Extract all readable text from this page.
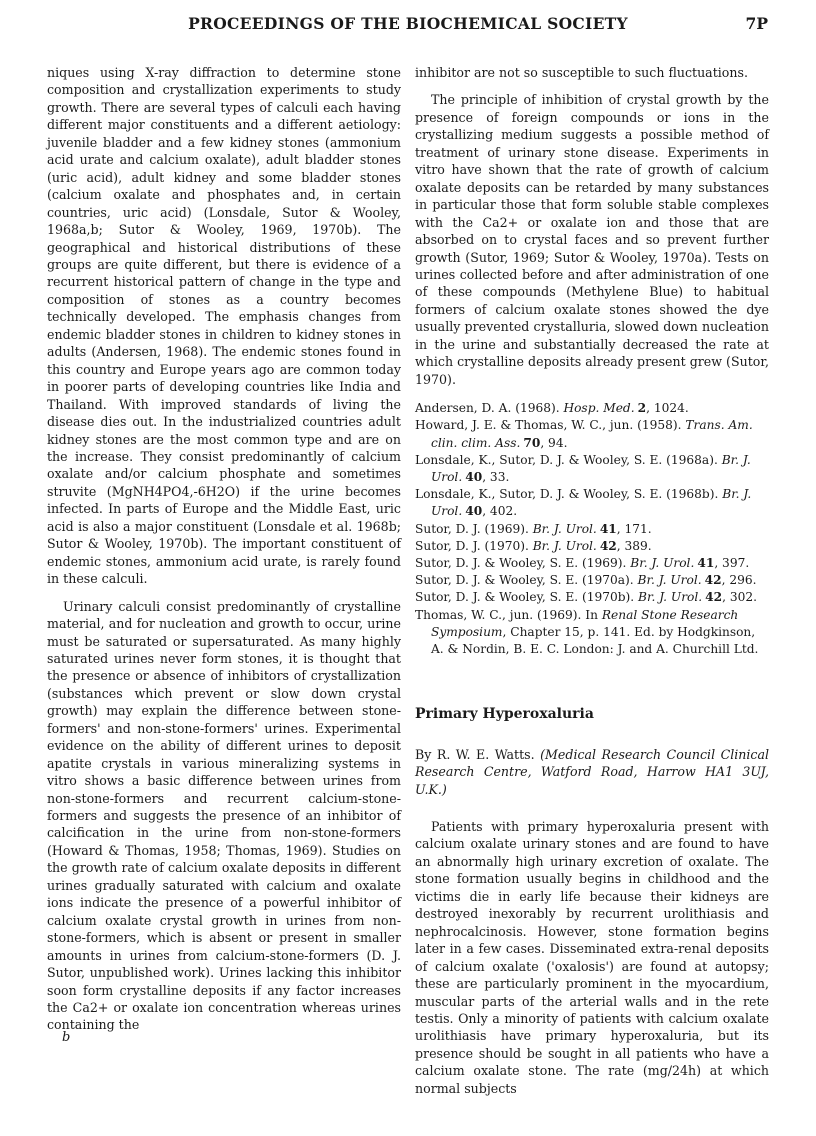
PROCEEDINGS OF THE BIOCHEMICAL SOCIETY	7P

niques using X-ray diffraction to determine stone composition and crystallization experiments to study growth. There are several types of calculi each having different major constituents and a different aetiology: juvenile bladder and a few kidney stones (ammonium acid urate and calcium oxalate), adult bladder stones (uric acid), adult kidney and some bladder stones (calcium oxalate and phosphates and, in certain countries, uric acid) (Lonsdale, Sutor & Wooley, 1968a,b; Sutor & Wooley, 1969, 1970b). The geographical and historical distributions of these groups are quite different, but there is evidence of a recurrent historical pattern of change in the type and composition of stones as a country becomes technically developed. The emphasis changes from endemic bladder stones in children to kidney stones in adults (Andersen, 1968). The endemic stones found in this country and Europe years ago are common today in poorer parts of developing countries like India and Thailand. With improved standards of living the disease dies out. In the industrialized countries adult kidney stones are the most common type and are on the increase. They consist predominantly of calcium oxalate and/or calcium phosphate and sometimes struvite (MgNH4PO4,-6H2O) if the urine becomes infected. In parts of Europe and the Middle East, uric acid is also a major constituent (Lonsdale et al. 1968b; Sutor & Wooley, 1970b). The important constituent of endemic stones, ammonium acid urate, is rarely found in these calculi.

Urinary calculi consist predominantly of crystalline material, and for nucleation and growth to occur, urine must be saturated or supersaturated. As many highly saturated urines never form stones, it is thought that the presence or absence of inhibitors of crystallization (substances which prevent or slow down crystal growth) may explain the difference between stone-formers' and non-stone-formers' urines. Experimental evidence on the ability of different urines to deposit apatite crystals in various mineralizing systems in vitro shows a basic difference between urines from non-stone-formers and recurrent calcium-stone-formers and suggests the presence of an inhibitor of calcification in the urine from non-stone-formers (Howard & Thomas, 1958; Thomas, 1969). Studies on the growth rate of calcium oxalate deposits in different urines gradually saturated with calcium and oxalate ions indicate the presence of a powerful inhibitor of calcium oxalate crystal growth in urines from non-stone-formers, which is absent or present in smaller amounts in urines from calcium-stone-formers (D. J. Sutor, unpublished work). Urines lacking this inhibitor soon form crystalline deposits if any factor increases the Ca2+ or oxalate ion concentration whereas urines containing the

b

inhibitor are not so susceptible to such fluctuations.

The principle of inhibition of crystal growth by the presence of foreign compounds or ions in the crystallizing medium suggests a possible method of treatment of urinary stone disease. Experiments in vitro have shown that the rate of growth of calcium oxalate deposits can be retarded by many substances in particular those that form soluble stable complexes with the Ca2+ or oxalate ion and those that are absorbed on to crystal faces and so prevent further growth (Sutor, 1969; Sutor & Wooley, 1970a). Tests on urines collected before and after administration of one of these compounds (Methylene Blue) to habitual formers of calcium oxalate stones showed the dye usually prevented crystalluria, slowed down nucleation in the urine and substantially decreased the rate at which crystalline deposits already present grew (Sutor, 1970).

Andersen, D. A. (1968). Hosp. Med. 2, 1024.
Howard, J. E. & Thomas, W. C., jun. (1958). Trans. Am. clin. clim. Ass. 70, 94.
Lonsdale, K., Sutor, D. J. & Wooley, S. E. (1968a). Br. J. Urol. 40, 33.
Lonsdale, K., Sutor, D. J. & Wooley, S. E. (1968b). Br. J. Urol. 40, 402.
Sutor, D. J. (1969). Br. J. Urol. 41, 171.
Sutor, D. J. (1970). Br. J. Urol. 42, 389.
Sutor, D. J. & Wooley, S. E. (1969). Br. J. Urol. 41, 397.
Sutor, D. J. & Wooley, S. E. (1970a). Br. J. Urol. 42, 296.
Sutor, D. J. & Wooley, S. E. (1970b). Br. J. Urol. 42, 302.
Thomas, W. C., jun. (1969). In Renal Stone Research Symposium, Chapter 15, p. 141. Ed. by Hodgkinson, A. & Nordin, B. E. C. London: J. and A. Churchill Ltd.
Primary Hyperoxaluria

By R. W. E. Watts. (Medical Research Council Clinical Research Centre, Watford Road, Harrow HA1 3UJ, U.K.)

Patients with primary hyperoxaluria present with calcium oxalate urinary stones and are found to have an abnormally high urinary excretion of oxalate. The stone formation usually begins in childhood and the victims die in early life because their kidneys are destroyed inexorably by recurrent urolithiasis and nephrocalcinosis. However, stone formation begins later in a few cases. Disseminated extra-renal deposits of calcium oxalate ('oxalosis') are found at autopsy; these are particularly prominent in the myocardium, muscular parts of the arterial walls and in the rete testis. Only a minority of patients with calcium oxalate urolithiasis have primary hyperoxaluria, but its presence should be sought in all patients who have a calcium oxalate stone. The rate (mg/24h) at which normal subjects
